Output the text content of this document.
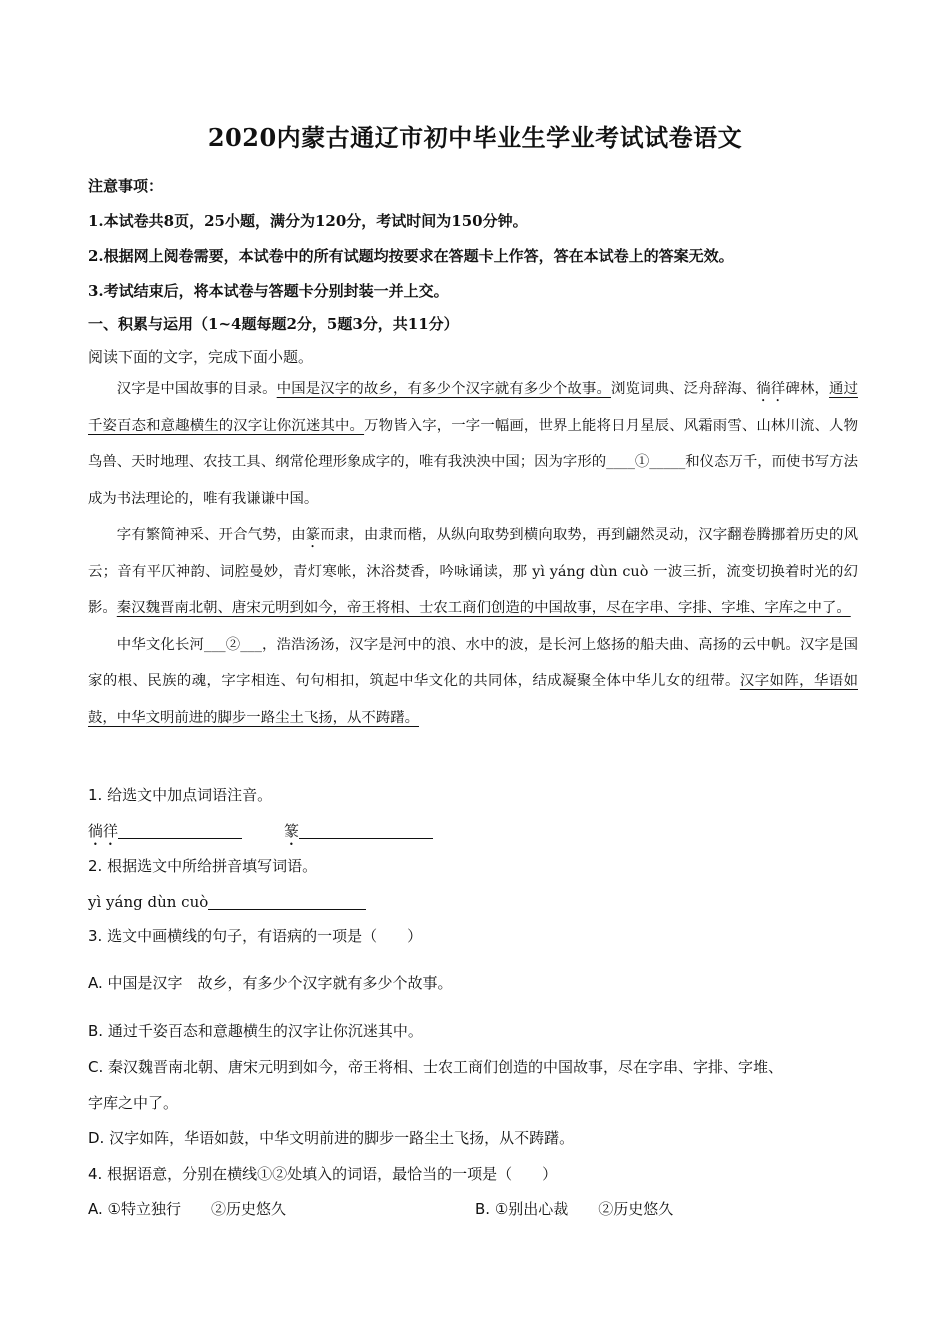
2020内蒙古通辽市初中毕业生学业考试试卷语文
注意事项：
1.本试卷共8页，25小题，满分为120分，考试时间为150分钟。
2.根据网上阅卷需要，本试卷中的所有试题均按要求在答题卡上作答，答在本试卷上的答案无效。
3.考试结束后，将本试卷与答题卡分别封装一并上交。
一、积累与运用（1~4题每题2分，5题3分，共11分）
阅读下面的文字，完成下面小题。

汉字是中国故事的目录。中国是汉字的故乡，有多少个汉字就有多少个故事。浏览词典、泛舟辞海、徜徉碑林，通过千姿百态和意趣横生的汉字让你沉迷其中。万物皆入字，一字一幅画，世界上能将日月星辰、风霜雨雪、山林川流、人物鸟兽、天时地理、农技工具、纲常伦理形象成字的，唯有我泱泱中国；因为字形的____①_____和仪态万千，而使书写方法成为书法理论的，唯有我谦谦中国。

字有繁简神采、开合气势，由篆而隶，由隶而楷，从纵向取势到横向取势，再到翩然灵动，汉字翻卷腾挪着历史的风云；音有平仄神韵、词腔曼妙，青灯寒帐，沐浴焚香，吟咏诵读，那 yì yáng dùn cuò 一波三折，流变切换着时光的幻影。秦汉魏晋南北朝、唐宋元明到如今，帝王将相、士农工商们创造的中国故事，尽在字串、字排、字堆、字库之中了。

中华文化长河___②___，浩浩汤汤，汉字是河中的浪、水中的波，是长河上悠扬的船夫曲、高扬的云中帆。汉字是国家的根、民族的魂，字字相连、句句相扣，筑起中华文化的共同体，结成凝聚全体中华儿女的纽带。汉字如阵，华语如鼓，中华文明前进的脚步一路尘土飞扬，从不踌躇。

1. 给选文中加点词语注音。
徜徉	篆
2. 根据选文中所给拼音填写词语。
yì yáng dùn cuò
3. 选文中画横线的句子，有语病的一项是（　　）
A. 中国是汉字　故乡，有多少个汉字就有多少个故事。
B. 通过千姿百态和意趣横生的汉字让你沉迷其中。
C. 秦汉魏晋南北朝、唐宋元明到如今，帝王将相、士农工商们创造的中国故事，尽在字串、字排、字堆、
字库之中了。
D. 汉字如阵，华语如鼓，中华文明前进的脚步一路尘土飞扬，从不踌躇。
4. 根据语意，分别在横线①②处填入的词语，最恰当的一项是（　　）
A. ①特立独行　　②历史悠久	B. ①别出心裁　　②历史悠久
